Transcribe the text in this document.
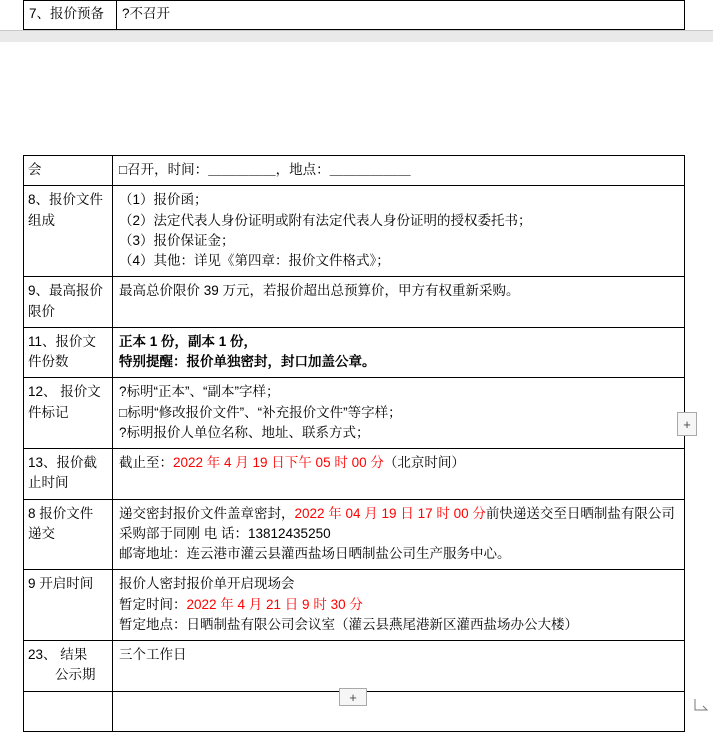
7、报价预备	?不召开
会	□召开，时间：＿＿＿＿＿，地点：＿＿＿＿＿＿

8、报价文件
组成	（1）报价函；
（2）法定代表人身份证明或附有法定代表人身份证明的授权委托书；
（3）报价保证金；
（4）其他：详见《第四章：报价文件格式》；

9、最高报价
限价	最高总价限价 39 万元，若报价超出总预算价，甲方有权重新采购。

11、报价文
件份数	正本 1 份，副本 1 份，
特别提醒：报价单独密封，封口加盖公章。

12、 报价文
件标记	?标明“正本”、“副本”字样；
□标明“修改报价文件”、“补充报价文件”等字样；
?标明报价人单位名称、地址、联系方式；

13、报价截
止时间	截止至：2022 年 4 月 19 日下午 05 时 00 分（北京时间）

8 报价文件
递交	递交密封报价文件盖章密封，2022 年 04 月 19 日 17 时 00 分前快递送交至日晒制盐有限公司
采购部于同刚 电 话：13812435250
邮寄地址：连云港市灌云县灌西盐场日晒制盐公司生产服务中心。

9 开启时间	报价人密封报价单开启现场会
暂定时间：2022 年 4 月 21 日 9 时 30 分
暂定地点：日晒制盐有限公司会议室（灌云县燕尾港新区灌西盐场办公大楼）

23、 结果
　　公示期	三个工作日

+
+
